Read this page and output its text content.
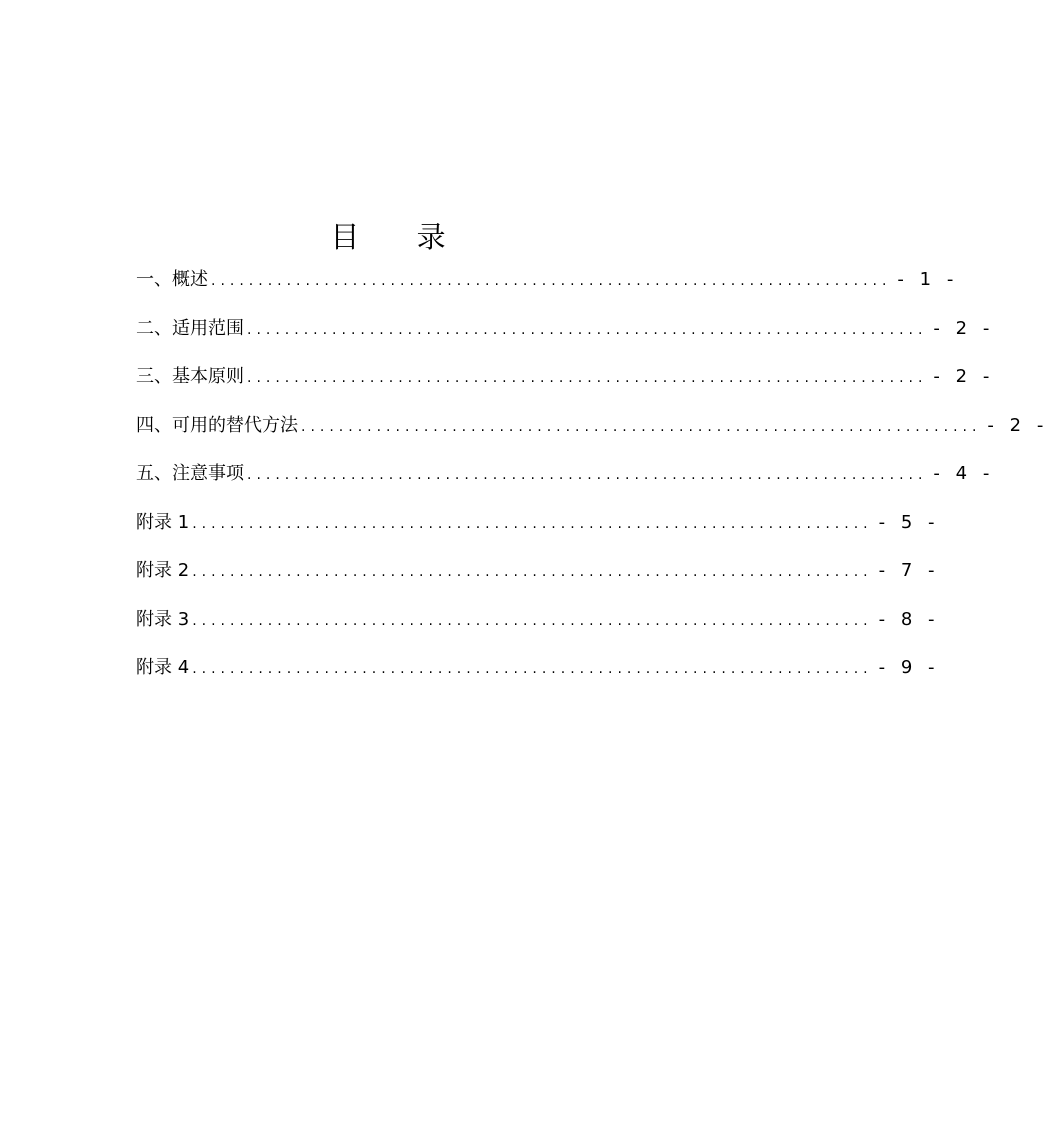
目 录
一、概述 ........................................................................ - 1 -
二、适用范围 ........................................................................ - 2 -
三、基本原则 ........................................................................ - 2 -
四、可用的替代方法 ........................................................................ - 2 -
五、注意事项 ........................................................................ - 4 -
附录 1 ........................................................................ - 5 -
附录 2 ........................................................................ - 7 -
附录 3 ........................................................................ - 8 -
附录 4 ........................................................................ - 9 -
